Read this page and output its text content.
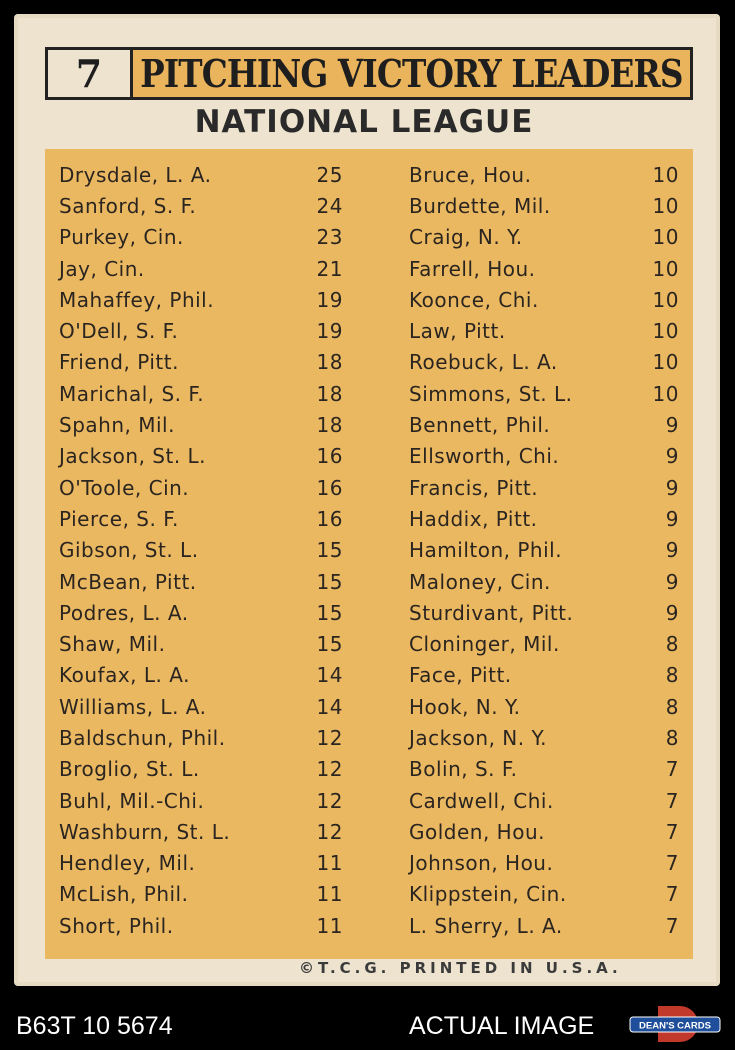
7	PITCHING VICTORY LEADERS
NATIONAL LEAGUE
Drysdale, L. A.	25
Sanford, S. F.	24
Purkey, Cin.	23
Jay, Cin.	21
Mahaffey, Phil.	19
O'Dell, S. F.	19
Friend, Pitt.	18
Marichal, S. F.	18
Spahn, Mil.	18
Jackson, St. L.	16
O'Toole, Cin.	16
Pierce, S. F.	16
Gibson, St. L.	15
McBean, Pitt.	15
Podres, L. A.	15
Shaw, Mil.	15
Koufax, L. A.	14
Williams, L. A.	14
Baldschun, Phil.	12
Broglio, St. L.	12
Buhl, Mil.-Chi.	12
Washburn, St. L.	12
Hendley, Mil.	11
McLish, Phil.	11
Short, Phil.	11
Bruce, Hou.	10
Burdette, Mil.	10
Craig, N. Y.	10
Farrell, Hou.	10
Koonce, Chi.	10
Law, Pitt.	10
Roebuck, L. A.	10
Simmons, St. L.	10
Bennett, Phil.	9
Ellsworth, Chi.	9
Francis, Pitt.	9
Haddix, Pitt.	9
Hamilton, Phil.	9
Maloney, Cin.	9
Sturdivant, Pitt.	9
Cloninger, Mil.	8
Face, Pitt.	8
Hook, N. Y.	8
Jackson, N. Y.	8
Bolin, S. F.	7
Cardwell, Chi.	7
Golden, Hou.	7
Johnson, Hou.	7
Klippstein, Cin.	7
L. Sherry, L. A.	7
©T.C.G. PRINTED IN U.S.A.
B63T 10 5674	ACTUAL IMAGE	DEAN'S CARDS
